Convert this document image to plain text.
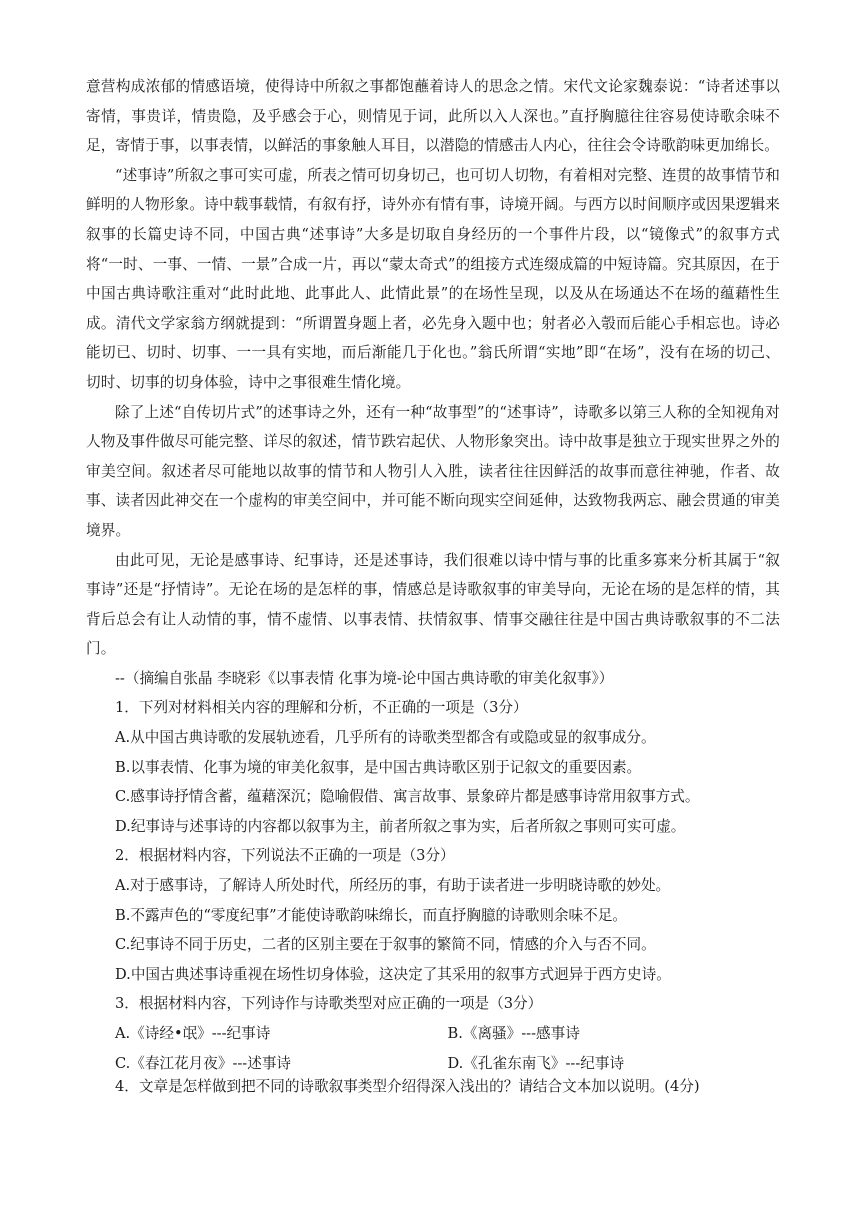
意营构成浓郁的情感语境，使得诗中所叙之事都饱蘸着诗人的思念之情。宋代文论家魏泰说：“诗者述事以寄情，事贵详，情贵隐，及乎感会于心，则情见于词，此所以入人深也。”直抒胸臆往往容易使诗歌余味不足，寄情于事，以事表情，以鲜活的事象触人耳目，以潜隐的情感击人内心，往往会令诗歌韵味更加绵长。

“述事诗”所叙之事可实可虚，所表之情可切身切己，也可切人切物，有着相对完整、连贯的故事情节和鲜明的人物形象。诗中载事载情，有叙有抒，诗外亦有情有事，诗境开阔。与西方以时间顺序或因果逻辑来叙事的长篇史诗不同，中国古典“述事诗”大多是切取自身经历的一个事件片段，以“镜像式”的叙事方式将“一时、一事、一情、一景”合成一片，再以“蒙太奇式”的组接方式连缀成篇的中短诗篇。究其原因，在于中国古典诗歌注重对“此时此地、此事此人、此情此景”的在场性呈现，以及从在场通达不在场的蕴藉性生成。清代文学家翁方纲就提到：“所谓置身题上者，必先身入题中也；射者必入彀而后能心手相忘也。诗必能切已、切时、切事、一一具有实地，而后渐能几于化也。”翁氏所谓“实地”即“在场”，没有在场的切己、切时、切事的切身体验，诗中之事很难生情化境。

除了上述“自传切片式”的述事诗之外，还有一种“故事型”的“述事诗”，诗歌多以第三人称的全知视角对人物及事件做尽可能完整、详尽的叙述，情节跌宕起伏、人物形象突出。诗中故事是独立于现实世界之外的审美空间。叙述者尽可能地以故事的情节和人物引人入胜，读者往往因鲜活的故事而意往神驰，作者、故事、读者因此神交在一个虚构的审美空间中，并可能不断向现实空间延伸，达致物我两忘、融会贯通的审美境界。

由此可见，无论是感事诗、纪事诗，还是述事诗，我们很难以诗中情与事的比重多寡来分析其属于“叙事诗”还是“抒情诗”。无论在场的是怎样的事，情感总是诗歌叙事的审美导向，无论在场的是怎样的情，其背后总会有让人动情的事，情不虚情、以事表情、扶情叙事、情事交融往往是中国古典诗歌叙事的不二法门。

--（摘编自张晶 李晓彩《以事表情 化事为境-论中国古典诗歌的审美化叙事》）

1．下列对材料相关内容的理解和分析，不正确的一项是（3分）

A.从中国古典诗歌的发展轨迹看，几乎所有的诗歌类型都含有或隐或显的叙事成分。

B.以事表情、化事为境的审美化叙事，是中国古典诗歌区别于记叙文的重要因素。

C.感事诗抒情含蓄，蕴藉深沉；隐喻假借、寓言故事、景象碎片都是感事诗常用叙事方式。

D.纪事诗与述事诗的内容都以叙事为主，前者所叙之事为实，后者所叙之事则可实可虚。

2．根据材料内容，下列说法不正确的一项是（3分）

A.对于感事诗，了解诗人所处时代，所经历的事，有助于读者进一步明晓诗歌的妙处。

B.不露声色的“零度纪事”才能使诗歌韵味绵长，而直抒胸臆的诗歌则余味不足。

C.纪事诗不同于历史，二者的区别主要在于叙事的繁简不同，情感的介入与否不同。

D.中国古典述事诗重视在场性切身体验，这决定了其采用的叙事方式迥异于西方史诗。

3．根据材料内容，下列诗作与诗歌类型对应正确的一项是（3分）

A.《诗经•氓》---纪事诗	B.《离骚》---感事诗
C.《春江花月夜》---述事诗	D.《孔雀东南飞》---纪事诗

4．文章是怎样做到把不同的诗歌叙事类型介绍得深入浅出的？请结合文本加以说明。(4分)
